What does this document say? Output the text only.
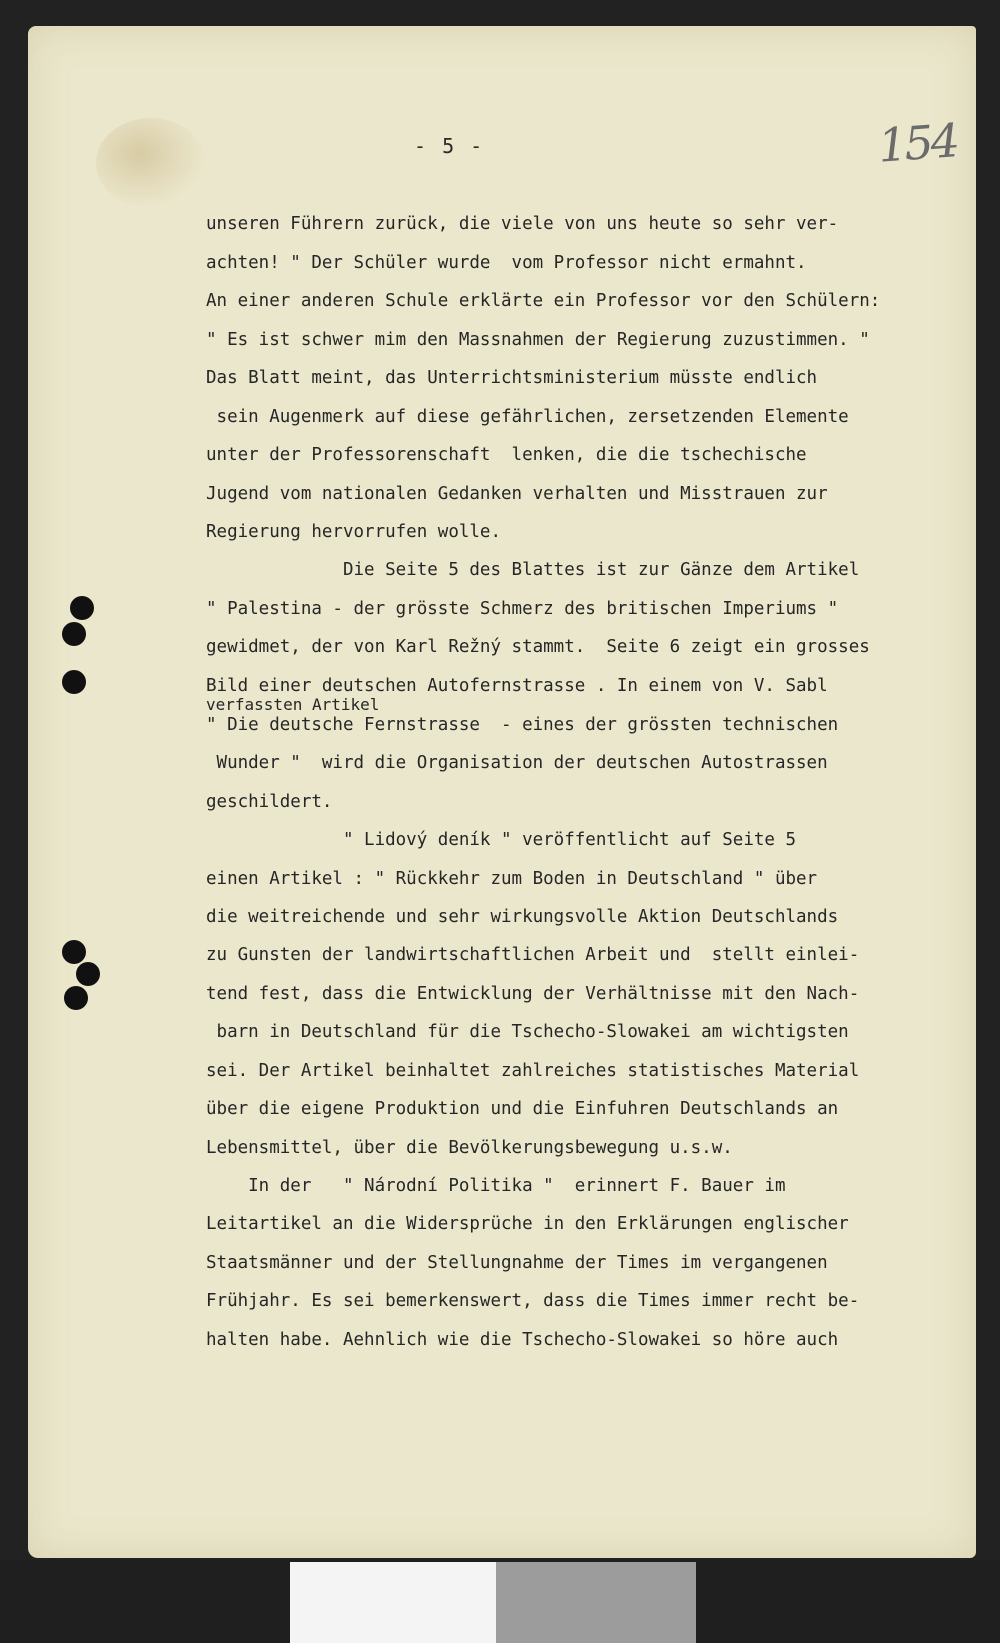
- 5 -	154

unseren Führern zurück, die viele von uns heute so sehr ver-

achten! " Der Schüler wurde  vom Professor nicht ermahnt.

An einer anderen Schule erklärte ein Professor vor den Schülern:

" Es ist schwer mim den Massnahmen der Regierung zuzustimmen. "

Das Blatt meint, das Unterrichtsministerium müsste endlich

sein Augenmerk auf diese gefährlichen, zersetzenden Elemente

unter der Professorenschaft  lenken, die die tschechische

Jugend vom nationalen Gedanken verhalten und Misstrauen zur

Regierung hervorrufen wolle.

Die Seite 5 des Blattes ist zur Gänze dem Artikel

" Palestina - der grösste Schmerz des britischen Imperiums "

gewidmet, der von Karl Režný stammt.  Seite 6 zeigt ein grosses

Bild einer deutschen Autofernstrasse . In einem von V. Sabl

verfassten Artikel

" Die deutsche Fernstrasse  - eines der grössten technischen

Wunder "  wird die Organisation der deutschen Autostrassen

geschildert.

" Lidový deník " veröffentlicht auf Seite 5

einen Artikel : " Rückkehr zum Boden in Deutschland " über

die weitreichende und sehr wirkungsvolle Aktion Deutschlands

zu Gunsten der landwirtschaftlichen Arbeit und  stellt einlei-

tend fest, dass die Entwicklung der Verhältnisse mit den Nach-

barn in Deutschland für die Tschecho-Slowakei am wichtigsten

sei. Der Artikel beinhaltet zahlreiches statistisches Material

über die eigene Produktion und die Einfuhren Deutschlands an

Lebensmittel, über die Bevölkerungsbewegung u.s.w.

In der   " Národní Politika "  erinnert F. Bauer im

Leitartikel an die Widersprüche in den Erklärungen englischer

Staatsmänner und der Stellungnahme der Times im vergangenen

Frühjahr. Es sei bemerkenswert, dass die Times immer recht be-

halten habe. Aehnlich wie die Tschecho-Slowakei so höre auch
